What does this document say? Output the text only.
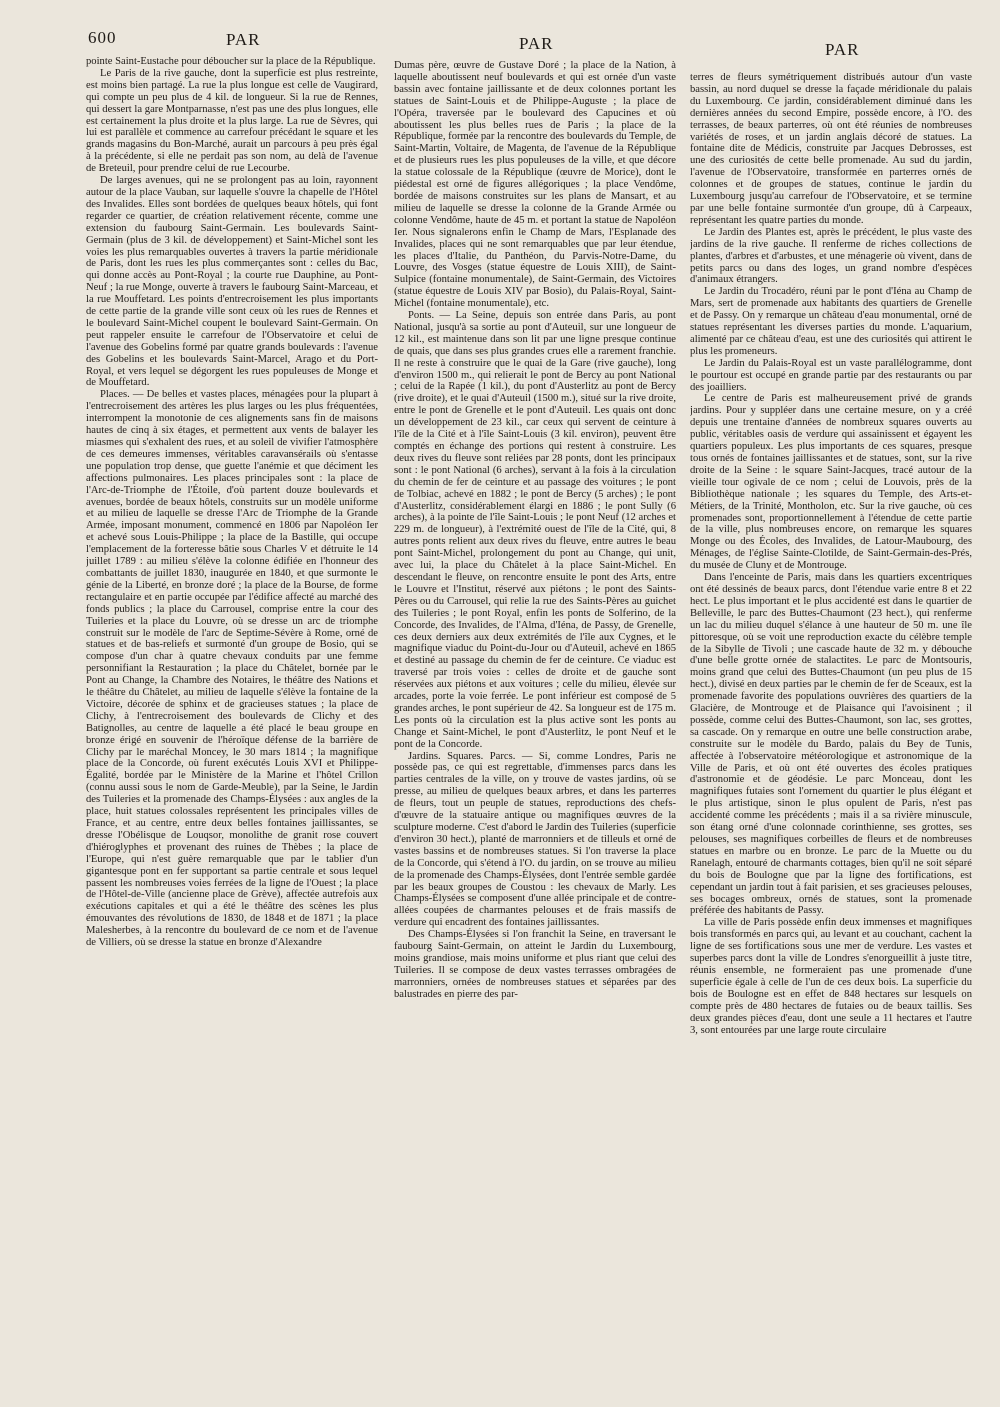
600	PAR	PAR	PAR

pointe Saint-Eustache pour déboucher sur la place de la République.

Le Paris de la rive gauche, dont la superficie est plus restreinte, est moins bien partagé. La rue la plus longue est celle de Vaugirard, qui compte un peu plus de 4 kil. de longueur. Si la rue de Rennes, qui dessert la gare Montparnasse, n'est pas une des plus longues, elle est certainement la plus droite et la plus large. La rue de Sèvres, qui lui est parallèle et commence au carrefour précédant le square et les grands magasins du Bon-Marché, aurait un parcours à peu près égal à la précédente, si elle ne perdait pas son nom, au delà de l'avenue de Breteuil, pour prendre celui de rue Lecourbe.

De larges avenues, qui ne se prolongent pas au loin, rayonnent autour de la place Vauban, sur laquelle s'ouvre la chapelle de l'Hôtel des Invalides. Elles sont bordées de quelques beaux hôtels, qui font regarder ce quartier, de création relativement récente, comme une extension du faubourg Saint-Germain. Les boulevards Saint-Germain (plus de 3 kil. de développement) et Saint-Michel sont les voies les plus remarquables ouvertes à travers la partie méridionale de Paris, dont les rues les plus commerçantes sont : celles du Bac, qui donne accès au Pont-Royal ; la courte rue Dauphine, au Pont-Neuf ; la rue Monge, ouverte à travers le faubourg Saint-Marceau, et la rue Mouffetard. Les points d'entrecroisement les plus importants de cette partie de la grande ville sont ceux où les rues de Rennes et le boulevard Saint-Michel coupent le boulevard Saint-Germain. On peut rappeler ensuite le carrefour de l'Observatoire et celui de l'avenue des Gobelins formé par quatre grands boulevards : l'avenue des Gobelins et les boulevards Saint-Marcel, Arago et du Port-Royal, et vers lequel se dégorgent les rues populeuses de Monge et de Mouffetard.

Places. — De belles et vastes places, ménagées pour la plupart à l'entrecroisement des artères les plus larges ou les plus fréquentées, interrompent la monotonie de ces alignements sans fin de maisons hautes de cinq à six étages, et permettent aux vents de balayer les miasmes qui s'exhalent des rues, et au soleil de vivifier l'atmosphère de ces demeures immenses, véritables caravansérails où s'entasse une population trop dense, que guette l'anémie et que déciment les affections pulmonaires. Les places principales sont : la place de l'Arc-de-Triomphe de l'Étoile, d'où partent douze boulevards et avenues, bordée de beaux hôtels, construits sur un modèle uniforme et au milieu de laquelle se dresse l'Arc de Triomphe de la Grande Armée, imposant monument, commencé en 1806 par Napoléon Ier et achevé sous Louis-Philippe ; la place de la Bastille, qui occupe l'emplacement de la forteresse bâtie sous Charles V et détruite le 14 juillet 1789 : au milieu s'élève la colonne édifiée en l'honneur des combattants de juillet 1830, inaugurée en 1840, et que surmonte le génie de la Liberté, en bronze doré ; la place de la Bourse, de forme rectangulaire et en partie occupée par l'édifice affecté au marché des fonds publics ; la place du Carrousel, comprise entre la cour des Tuileries et la place du Louvre, où se dresse un arc de triomphe construit sur le modèle de l'arc de Septime-Sévère à Rome, orné de statues et de bas-reliefs et surmonté d'un groupe de Bosio, qui se compose d'un char à quatre chevaux conduits par une femme personnifiant la Restauration ; la place du Châtelet, bornée par le Pont au Change, la Chambre des Notaires, le théâtre des Nations et le théâtre du Châtelet, au milieu de laquelle s'élève la fontaine de la Victoire, décorée de sphinx et de gracieuses statues ; la place de Clichy, à l'entrecroisement des boulevards de Clichy et des Batignolles, au centre de laquelle a été placé le beau groupe en bronze érigé en souvenir de l'héroïque défense de la barrière de Clichy par le maréchal Moncey, le 30 mars 1814 ; la magnifique place de la Concorde, où furent exécutés Louis XVI et Philippe-Égalité, bordée par le Ministère de la Marine et l'hôtel Crillon (connu aussi sous le nom de Garde-Meuble), par la Seine, le Jardin des Tuileries et la promenade des Champs-Élysées : aux angles de la place, huit statues colossales représentent les principales villes de France, et au centre, entre deux belles fontaines jaillissantes, se dresse l'Obélisque de Louqsor, monolithe de granit rose couvert d'hiéroglyphes et provenant des ruines de Thèbes ; la place de l'Europe, qui n'est guère remarquable que par le tablier d'un gigantesque pont en fer supportant sa partie centrale et sous lequel passent les nombreuses voies ferrées de la ligne de l'Ouest ; la place de l'Hôtel-de-Ville (ancienne place de Grève), affectée autrefois aux exécutions capitales et qui a été le théâtre des scènes les plus émouvantes des révolutions de 1830, de 1848 et de 1871 ; la place Malesherbes, à la rencontre du boulevard de ce nom et de l'avenue de Villiers, où se dresse la statue en bronze d'Alexandre

Dumas père, œuvre de Gustave Doré ; la place de la Nation, à laquelle aboutissent neuf boulevards et qui est ornée d'un vaste bassin avec fontaine jaillissante et de deux colonnes portant les statues de Saint-Louis et de Philippe-Auguste ; la place de l'Opéra, traversée par le boulevard des Capucines et où aboutissent les plus belles rues de Paris ; la place de la République, formée par la rencontre des boulevards du Temple, de Saint-Martin, Voltaire, de Magenta, de l'avenue de la République et de plusieurs rues les plus populeuses de la ville, et que décore la statue colossale de la République (œuvre de Morice), dont le piédestal est orné de figures allégoriques ; la place Vendôme, bordée de maisons construites sur les plans de Mansart, et au milieu de laquelle se dresse la colonne de la Grande Armée ou colonne Vendôme, haute de 45 m. et portant la statue de Napoléon Ier. Nous signalerons enfin le Champ de Mars, l'Esplanade des Invalides, places qui ne sont remarquables que par leur étendue, les places d'Italie, du Panthéon, du Parvis-Notre-Dame, du Louvre, des Vosges (statue équestre de Louis XIII), de Saint-Sulpice (fontaine monumentale), de Saint-Germain, des Victoires (statue équestre de Louis XIV par Bosio), du Palais-Royal, Saint-Michel (fontaine monumentale), etc.

Ponts. — La Seine, depuis son entrée dans Paris, au pont National, jusqu'à sa sortie au pont d'Auteuil, sur une longueur de 12 kil., est maintenue dans son lit par une ligne presque continue de quais, que dans ses plus grandes crues elle a rarement franchie. Il ne reste à construire que le quai de la Gare (rive gauche), long d'environ 1500 m., qui relierait le pont de Bercy au pont National ; celui de la Rapée (1 kil.), du pont d'Austerlitz au pont de Bercy (rive droite), et le quai d'Auteuil (1500 m.), situé sur la rive droite, entre le pont de Grenelle et le pont d'Auteuil. Les quais ont donc un développement de 23 kil., car ceux qui servent de ceinture à l'île de la Cité et à l'île Saint-Louis (3 kil. environ), peuvent être comptés en échange des portions qui restent à construire. Les deux rives du fleuve sont reliées par 28 ponts, dont les principaux sont : le pont National (6 arches), servant à la fois à la circulation du chemin de fer de ceinture et au passage des voitures ; le pont de Tolbiac, achevé en 1882 ; le pont de Bercy (5 arches) ; le pont d'Austerlitz, considérablement élargi en 1886 ; le pont Sully (6 arches), à la pointe de l'île Saint-Louis ; le pont Neuf (12 arches et 229 m. de longueur), à l'extrémité ouest de l'île de la Cité, qui, 8 autres ponts relient aux deux rives du fleuve, entre autres le beau pont Saint-Michel, prolongement du pont au Change, qui unit, avec lui, la place du Châtelet à la place Saint-Michel. En descendant le fleuve, on rencontre ensuite le pont des Arts, entre le Louvre et l'Institut, réservé aux piétons ; le pont des Saints-Pères ou du Carrousel, qui relie la rue des Saints-Pères au guichet des Tuileries ; le pont Royal, enfin les ponts de Solferino, de la Concorde, des Invalides, de l'Alma, d'Iéna, de Passy, de Grenelle, ces deux derniers aux deux extrémités de l'île aux Cygnes, et le magnifique viaduc du Point-du-Jour ou d'Auteuil, achevé en 1865 et destiné au passage du chemin de fer de ceinture. Ce viaduc est traversé par trois voies : celles de droite et de gauche sont réservées aux piétons et aux voitures ; celle du milieu, élevée sur arcades, porte la voie ferrée. Le pont inférieur est composé de 5 grandes arches, le pont supérieur de 42. Sa longueur est de 175 m. Les ponts où la circulation est la plus active sont les ponts au Change et Saint-Michel, le pont d'Austerlitz, le pont Neuf et le pont de la Concorde.

Jardins. Squares. Parcs. — Si, comme Londres, Paris ne possède pas, ce qui est regrettable, d'immenses parcs dans les parties centrales de la ville, on y trouve de vastes jardins, où se presse, au milieu de quelques beaux arbres, et dans les parterres de fleurs, tout un peuple de statues, reproductions des chefs-d'œuvre de la statuaire antique ou magnifiques œuvres de la sculpture moderne. C'est d'abord le Jardin des Tuileries (superficie d'environ 30 hect.), planté de marronniers et de tilleuls et orné de vastes bassins et de nombreuses statues. Si l'on traverse la place de la Concorde, qui s'étend à l'O. du jardin, on se trouve au milieu de la promenade des Champs-Élysées, dont l'entrée semble gardée par les beaux groupes de Coustou : les chevaux de Marly. Les Champs-Élysées se composent d'une allée principale et de contre-allées coupées de charmantes pelouses et de frais massifs de verdure qui encadrent des fontaines jaillissantes.

Des Champs-Élysées si l'on franchit la Seine, en traversant le faubourg Saint-Germain, on atteint le Jardin du Luxembourg, moins grandiose, mais moins uniforme et plus riant que celui des Tuileries. Il se compose de deux vastes terrasses ombragées de marronniers, ornées de nombreuses statues et séparées par des balustrades en pierre des par-

terres de fleurs symétriquement distribués autour d'un vaste bassin, au nord duquel se dresse la façade méridionale du palais du Luxembourg. Ce jardin, considérablement diminué dans les dernières années du second Empire, possède encore, à l'O. des terrasses, de beaux parterres, où ont été réunies de nombreuses variétés de roses, et un jardin anglais décoré de statues. La fontaine dite de Médicis, construite par Jacques Debrosses, est une des curiosités de cette belle promenade. Au sud du jardin, l'avenue de l'Observatoire, transformée en parterres ornés de colonnes et de groupes de statues, continue le jardin du Luxembourg jusqu'au carrefour de l'Observatoire, et se termine par une belle fontaine surmontée d'un groupe, dû à Carpeaux, représentant les quatre parties du monde.

Le Jardin des Plantes est, après le précédent, le plus vaste des jardins de la rive gauche. Il renferme de riches collections de plantes, d'arbres et d'arbustes, et une ménagerie où vivent, dans de petits parcs ou dans des loges, un grand nombre d'espèces d'animaux étrangers.

Le Jardin du Trocadéro, réuni par le pont d'Iéna au Champ de Mars, sert de promenade aux habitants des quartiers de Grenelle et de Passy. On y remarque un château d'eau monumental, orné de statues représentant les diverses parties du monde. L'aquarium, alimenté par ce château d'eau, est une des curiosités qui attirent le plus les promeneurs.

Le Jardin du Palais-Royal est un vaste parallélogramme, dont le pourtour est occupé en grande partie par des restaurants ou par des joailliers.

Le centre de Paris est malheureusement privé de grands jardins. Pour y suppléer dans une certaine mesure, on y a créé depuis une trentaine d'années de nombreux squares ouverts au public, véritables oasis de verdure qui assainissent et égayent les quartiers populeux. Les plus importants de ces squares, presque tous ornés de fontaines jaillissantes et de statues, sont, sur la rive droite de la Seine : le square Saint-Jacques, tracé autour de la vieille tour ogivale de ce nom ; celui de Louvois, près de la Bibliothèque nationale ; les squares du Temple, des Arts-et-Métiers, de la Trinité, Montholon, etc. Sur la rive gauche, où ces promenades sont, proportionnellement à l'étendue de cette partie de la ville, plus nombreuses encore, on remarque les squares Monge ou des Écoles, des Invalides, de Latour-Maubourg, des Ménages, de l'église Sainte-Clotilde, de Saint-Germain-des-Prés, du musée de Cluny et de Montrouge.

Dans l'enceinte de Paris, mais dans les quartiers excentriques ont été dessinés de beaux parcs, dont l'étendue varie entre 8 et 22 hect. Le plus important et le plus accidenté est dans le quartier de Belleville, le parc des Buttes-Chaumont (23 hect.), qui renferme un lac du milieu duquel s'élance à une hauteur de 50 m. une île pittoresque, où se voit une reproduction exacte du célèbre temple de la Sibylle de Tivoli ; une cascade haute de 32 m. y débouche d'une belle grotte ornée de stalactites. Le parc de Montsouris, moins grand que celui des Buttes-Chaumont (un peu plus de 15 hect.), divisé en deux parties par le chemin de fer de Sceaux, est la promenade favorite des populations ouvrières des quartiers de la Glacière, de Montrouge et de Plaisance qui l'avoisinent ; il possède, comme celui des Buttes-Chaumont, son lac, ses grottes, sa cascade. On y remarque en outre une belle construction arabe, construite sur le modèle du Bardo, palais du Bey de Tunis, affectée à l'observatoire météorologique et astronomique de la Ville de Paris, et où ont été ouvertes des écoles pratiques d'astronomie et de géodésie. Le parc Monceau, dont les magnifiques futaies sont l'ornement du quartier le plus élégant et le plus artistique, sinon le plus opulent de Paris, n'est pas accidenté comme les précédents ; mais il a sa rivière minuscule, son étang orné d'une colonnade corinthienne, ses grottes, ses pelouses, ses magnifiques corbeilles de fleurs et de nombreuses statues en marbre ou en bronze. Le parc de la Muette ou du Ranelagh, entouré de charmants cottages, bien qu'il ne soit séparé du bois de Boulogne que par la ligne des fortifications, est cependant un jardin tout à fait parisien, et ses gracieuses pelouses, ses bocages ombreux, ornés de statues, sont la promenade préférée des habitants de Passy.

La ville de Paris possède enfin deux immenses et magnifiques bois transformés en parcs qui, au levant et au couchant, cachent la ligne de ses fortifications sous une mer de verdure. Les vastes et superbes parcs dont la ville de Londres s'enorgueillit à juste titre, réunis ensemble, ne formeraient pas une promenade d'une superficie égale à celle de l'un de ces deux bois. La superficie du bois de Boulogne est en effet de 848 hectares sur lesquels on compte près de 480 hectares de futaies ou de beaux taillis. Ses deux grandes pièces d'eau, dont une seule a 11 hectares et l'autre 3, sont entourées par une large route circulaire
